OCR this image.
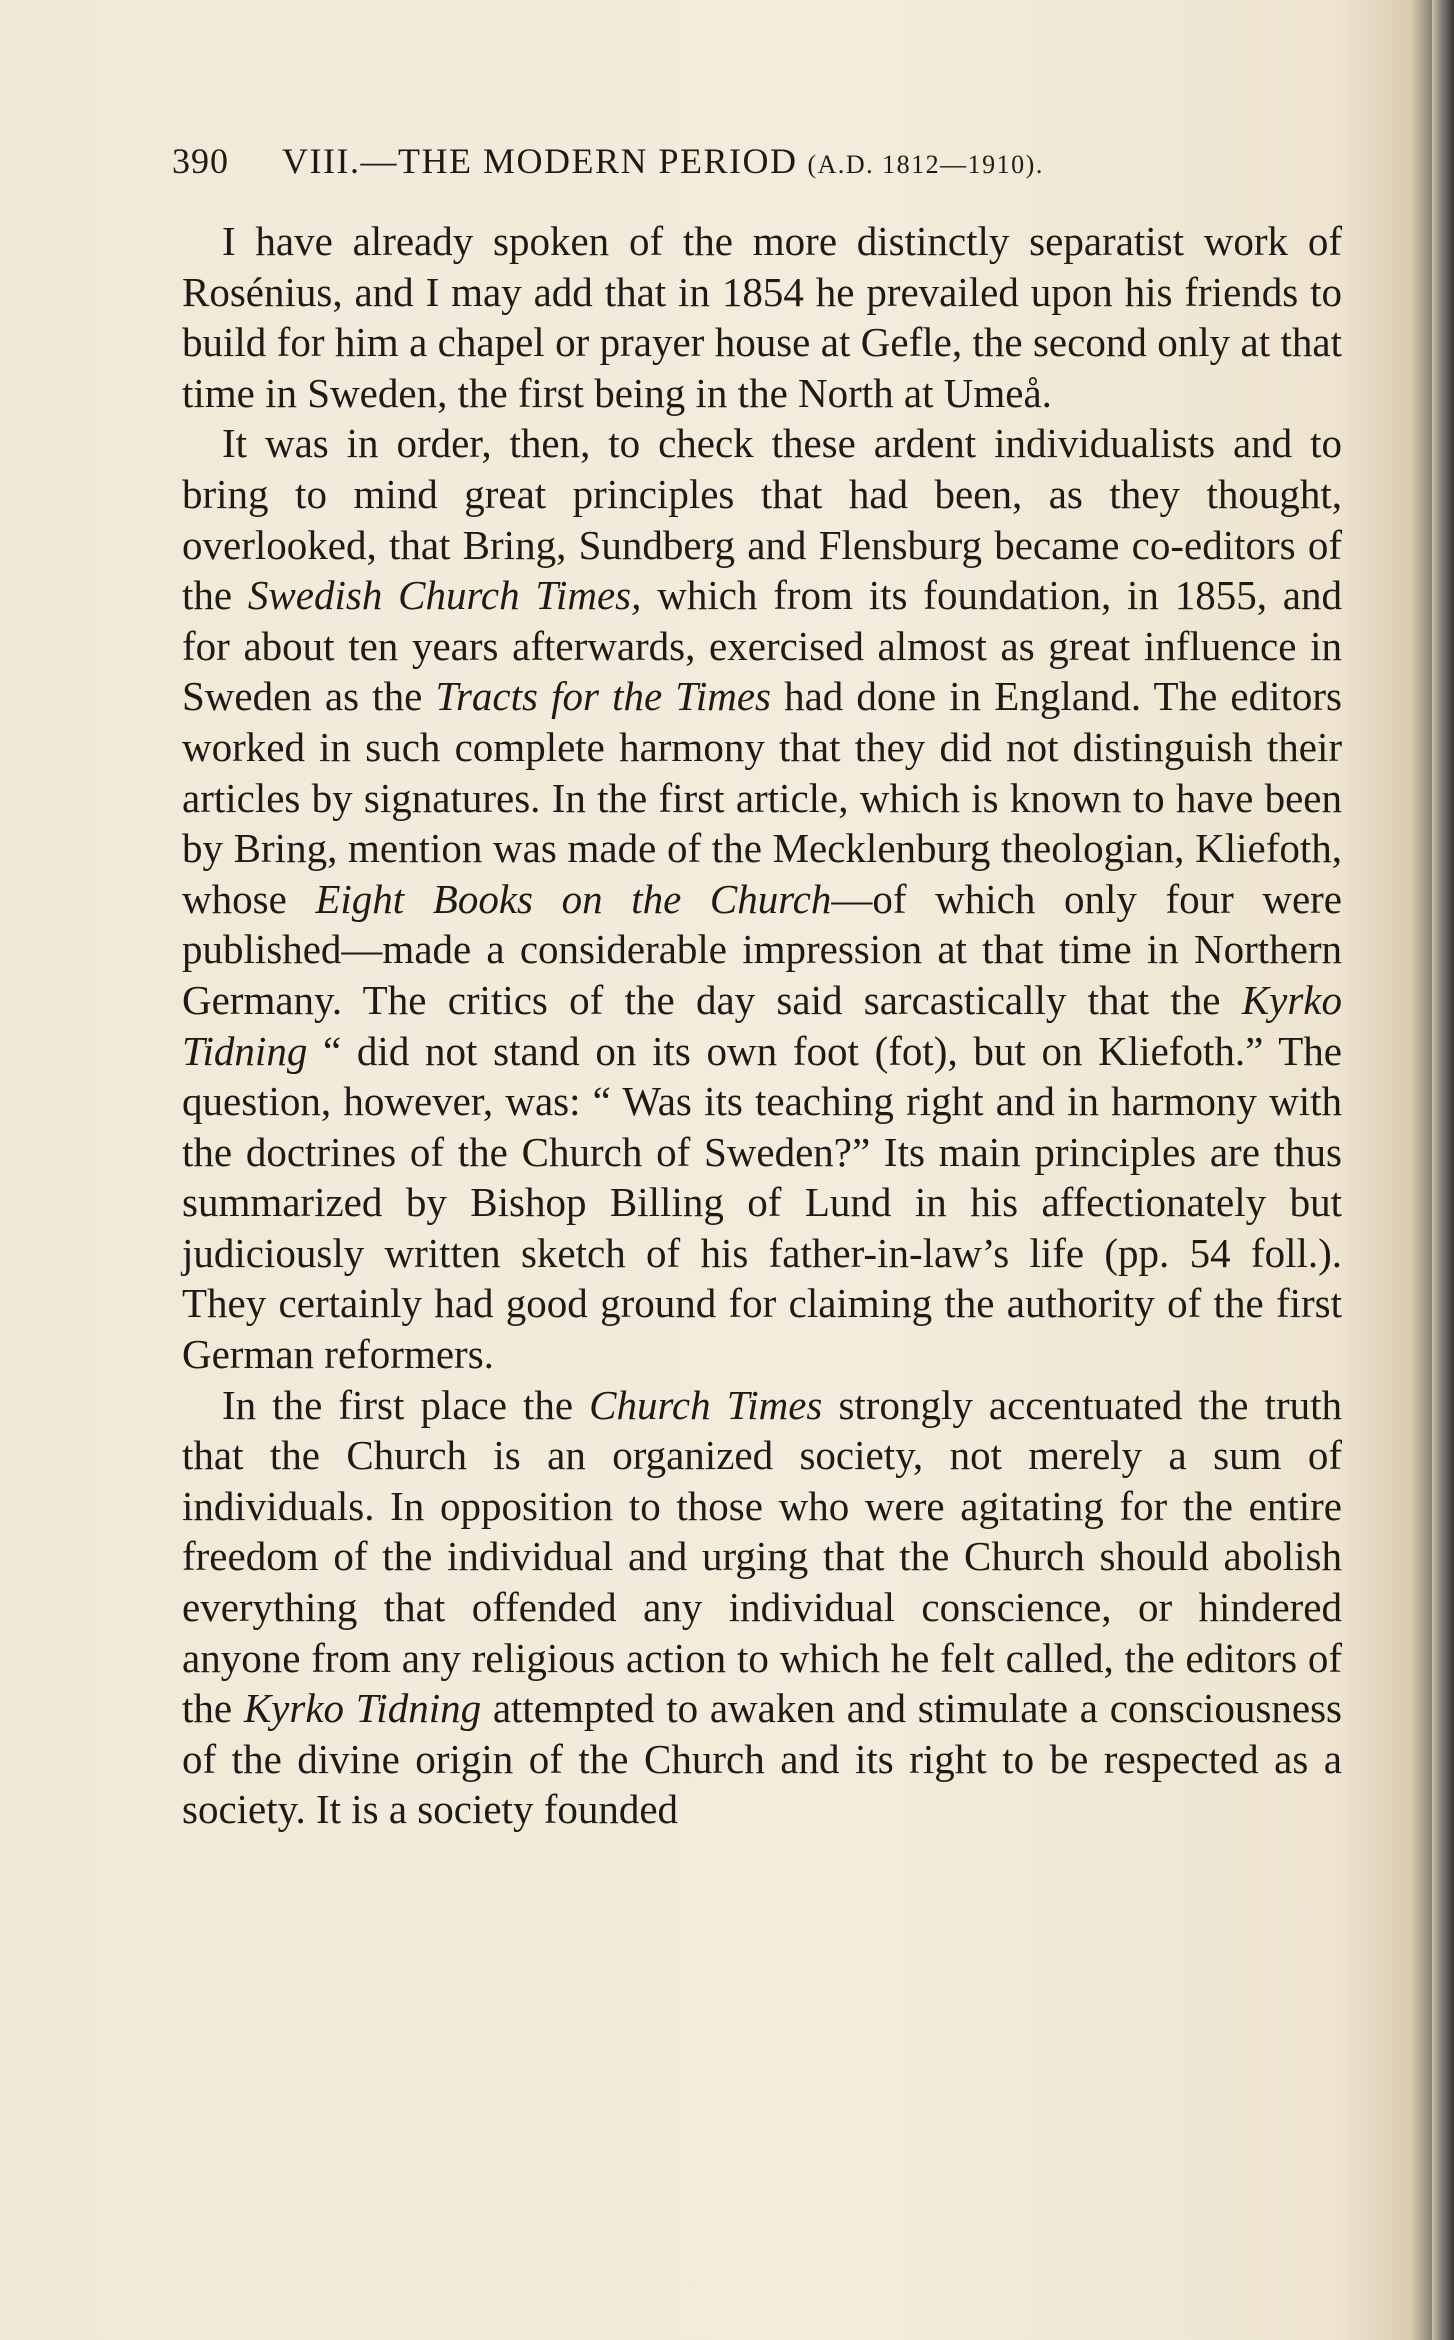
390 VIII.—THE MODERN PERIOD (A.D. 1812—1910).

I have already spoken of the more distinctly separatist work of Rosénius, and I may add that in 1854 he prevailed upon his friends to build for him a chapel or prayer house at Gefle, the second only at that time in Sweden, the first being in the North at Umeå.

It was in order, then, to check these ardent individualists and to bring to mind great principles that had been, as they thought, overlooked, that Bring, Sundberg and Flensburg became co-editors of the Swedish Church Times, which from its foundation, in 1855, and for about ten years afterwards, exercised almost as great influence in Sweden as the Tracts for the Times had done in England. The editors worked in such complete harmony that they did not distinguish their articles by signatures. In the first article, which is known to have been by Bring, mention was made of the Mecklenburg theologian, Kliefoth, whose Eight Books on the Church—of which only four were published—made a considerable impression at that time in Northern Germany. The critics of the day said sarcastically that the Kyrko Tidning “ did not stand on its own foot (fot), but on Kliefoth.” The question, however, was: “ Was its teaching right and in harmony with the doctrines of the Church of Sweden?” Its main principles are thus summarized by Bishop Billing of Lund in his affectionately but judiciously written sketch of his father-in-law’s life (pp. 54 foll.). They certainly had good ground for claiming the authority of the first German reformers.

In the first place the Church Times strongly accentuated the truth that the Church is an organized society, not merely a sum of individuals. In opposition to those who were agitating for the entire freedom of the individual and urging that the Church should abolish everything that offended any individual conscience, or hindered anyone from any religious action to which he felt called, the editors of the Kyrko Tidning attempted to awaken and stimulate a consciousness of the divine origin of the Church and its right to be respected as a society. It is a society founded
